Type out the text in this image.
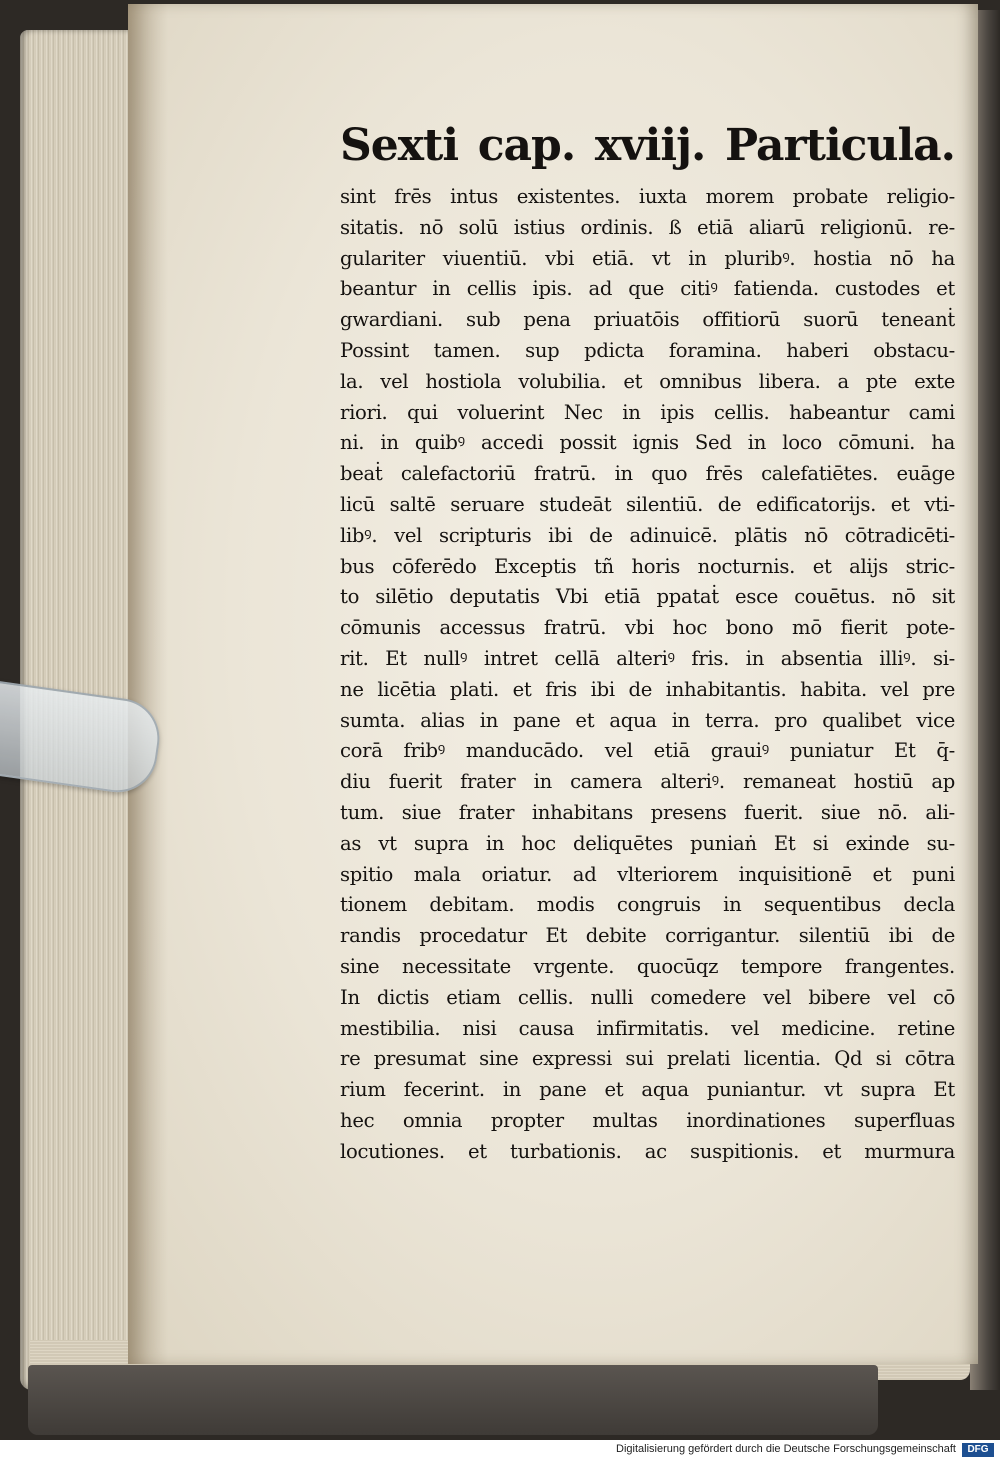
Sexti cap. xviij. Particula.
sint frēs intus existentes. iuxta morem probate religio-
sitatis. nō solū istius ordinis. ß etiā aliarū religionū. re-
gulariter viuentiū. vbi etiā. vt in pluribꝰ. hostia nō ha
beantur in cellis ipis. ad que citiꝰ fatienda. custodes et
gwardiani. sub pena priuatōis offitiorū suorū teneanṫ
Possint tamen. sup pdicta foramina. haberi obstacu-
la. vel hostiola volubilia. et omnibus libera. a pte exte
riori. qui voluerint Nec in ipis cellis. habeantur cami
ni. in quibꝰ accedi possit ignis Sed in loco cōmuni. ha
beaṫ calefactoriū fratrū. in quo frēs calefatiētes. euāge
licū saltē seruare studeāt silentiū. de edificatorijs. et vti-
libꝰ. vel scripturis ibi de adinuicē. plātis nō cōtradicēti-
bus cōferēdo Exceptis tñ horis nocturnis. et alijs stric-
to silētio deputatis Vbi etiā ppataṫ esce couētus. nō sit
cōmunis accessus fratrū. vbi hoc bono mō fierit pote-
rit. Et nullꝰ intret cellā alteriꝰ fris. in absentia illiꝰ. si-
ne licētia plati. et fris ibi de inhabitantis. habita. vel pre
sumta. alias in pane et aqua in terra. pro qualibet vice
corā fribꝰ manducādo. vel etiā grauiꝰ puniatur Et q̄-
diu fuerit frater in camera alteriꝰ. remaneat hostiū ap
tum. siue frater inhabitans presens fuerit. siue nō. ali-
as vt supra in hoc deliquētes puniaṅ Et si exinde su-
spitio mala oriatur. ad vlteriorem inquisitionē et puni
tionem debitam. modis congruis in sequentibus decla
randis procedatur Et debite corrigantur. silentiū ibi de
sine necessitate vrgente. quocūqz tempore frangentes.
In dictis etiam cellis. nulli comedere vel bibere vel cō
mestibilia. nisi causa infirmitatis. vel medicine. retine
re presumat sine expressi sui prelati licentia. Qd si cōtra
rium fecerint. in pane et aqua puniantur. vt supra Et
hec omnia propter multas inordinationes superfluas
locutiones. et turbationis. ac suspitionis. et murmura
Digitalisierung gefördert durch die Deutsche Forschungsgemeinschaft	DFG
